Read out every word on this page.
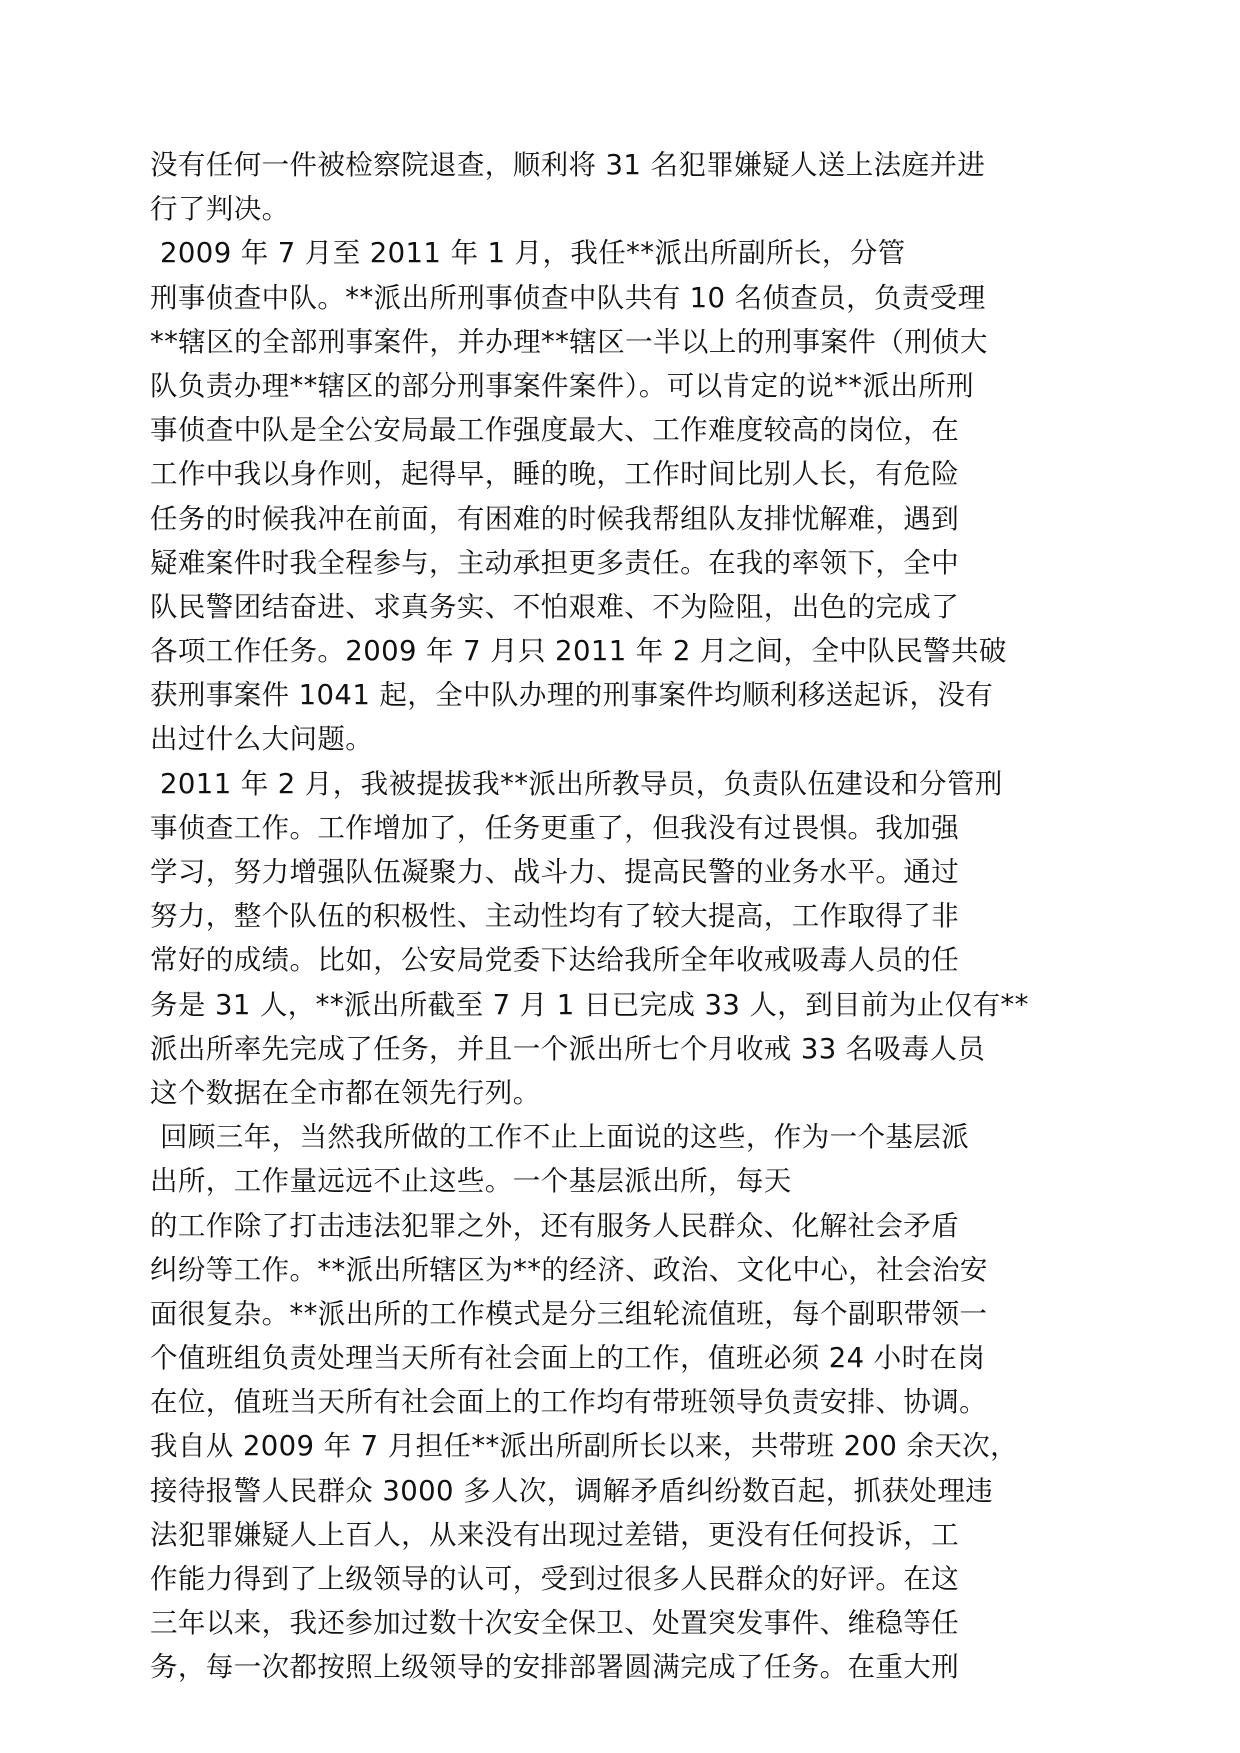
没有任何一件被检察院退查，顺利将 31 名犯罪嫌疑人送上法庭并进
行了判决。
2009 年 7 月至 2011 年 1 月，我任**派出所副所长，分管
刑事侦查中队。**派出所刑事侦查中队共有 10 名侦查员，负责受理
**辖区的全部刑事案件，并办理**辖区一半以上的刑事案件（刑侦大
队负责办理**辖区的部分刑事案件案件）。可以肯定的说**派出所刑
事侦查中队是全公安局最工作强度最大、工作难度较高的岗位，在
工作中我以身作则，起得早，睡的晚，工作时间比别人长，有危险
任务的时候我冲在前面，有困难的时候我帮组队友排忧解难，遇到
疑难案件时我全程参与，主动承担更多责任。在我的率领下，全中
队民警团结奋进、求真务实、不怕艰难、不为险阻，出色的完成了
各项工作任务。2009 年 7 月只 2011 年 2 月之间，全中队民警共破
获刑事案件 1041 起，全中队办理的刑事案件均顺利移送起诉，没有
出过什么大问题。
2011 年 2 月，我被提拔我**派出所教导员，负责队伍建设和分管刑
事侦查工作。工作增加了，任务更重了，但我没有过畏惧。我加强
学习，努力增强队伍凝聚力、战斗力、提高民警的业务水平。通过
努力，整个队伍的积极性、主动性均有了较大提高，工作取得了非
常好的成绩。比如，公安局党委下达给我所全年收戒吸毒人员的任
务是 31 人，**派出所截至 7 月 1 日已完成 33 人，到目前为止仅有**
派出所率先完成了任务，并且一个派出所七个月收戒 33 名吸毒人员
这个数据在全市都在领先行列。
回顾三年，当然我所做的工作不止上面说的这些，作为一个基层派
出所，工作量远远不止这些。一个基层派出所，每天
的工作除了打击违法犯罪之外，还有服务人民群众、化解社会矛盾
纠纷等工作。**派出所辖区为**的经济、政治、文化中心，社会治安
面很复杂。**派出所的工作模式是分三组轮流值班，每个副职带领一
个值班组负责处理当天所有社会面上的工作，值班必须 24 小时在岗
在位，值班当天所有社会面上的工作均有带班领导负责安排、协调。
我自从 2009 年 7 月担任**派出所副所长以来，共带班 200 余天次，
接待报警人民群众 3000 多人次，调解矛盾纠纷数百起，抓获处理违
法犯罪嫌疑人上百人，从来没有出现过差错，更没有任何投诉，工
作能力得到了上级领导的认可，受到过很多人民群众的好评。在这
三年以来，我还参加过数十次安全保卫、处置突发事件、维稳等任
务，每一次都按照上级领导的安排部署圆满完成了任务。在重大刑
